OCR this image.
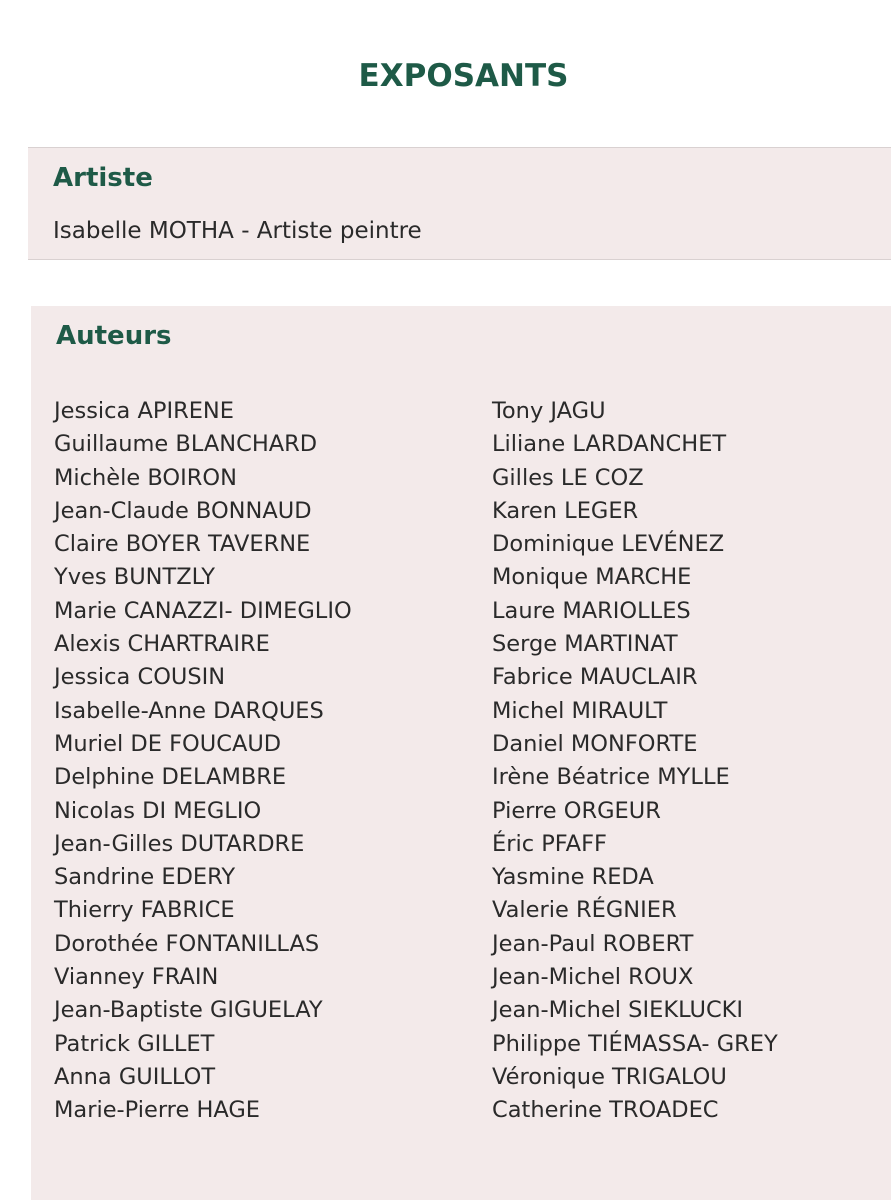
EXPOSANTS
Artiste
Isabelle MOTHA - Artiste peintre
Auteurs
Jessica APIRENE
Guillaume BLANCHARD
Michèle BOIRON
Jean-Claude BONNAUD
Claire BOYER TAVERNE
Yves BUNTZLY
Marie CANAZZI- DIMEGLIO
Alexis CHARTRAIRE
Jessica COUSIN
Isabelle-Anne DARQUES
Muriel DE FOUCAUD
Delphine DELAMBRE
Nicolas DI MEGLIO
Jean-Gilles DUTARDRE
Sandrine EDERY
Thierry FABRICE
Dorothée FONTANILLAS
Vianney FRAIN
Jean-Baptiste GIGUELAY
Patrick GILLET
Anna GUILLOT
Marie-Pierre HAGE
Tony JAGU
Liliane LARDANCHET
Gilles LE COZ
Karen LEGER
Dominique LEVÉNEZ
Monique MARCHE
Laure MARIOLLES
Serge MARTINAT
Fabrice MAUCLAIR
Michel MIRAULT
Daniel MONFORTE
Irène Béatrice MYLLE
Pierre ORGEUR
Éric PFAFF
Yasmine REDA
Valerie RÉGNIER
Jean-Paul ROBERT
Jean-Michel ROUX
Jean-Michel SIEKLUCKI
Philippe TIÉMASSA- GREY
Véronique TRIGALOU
Catherine TROADEC
